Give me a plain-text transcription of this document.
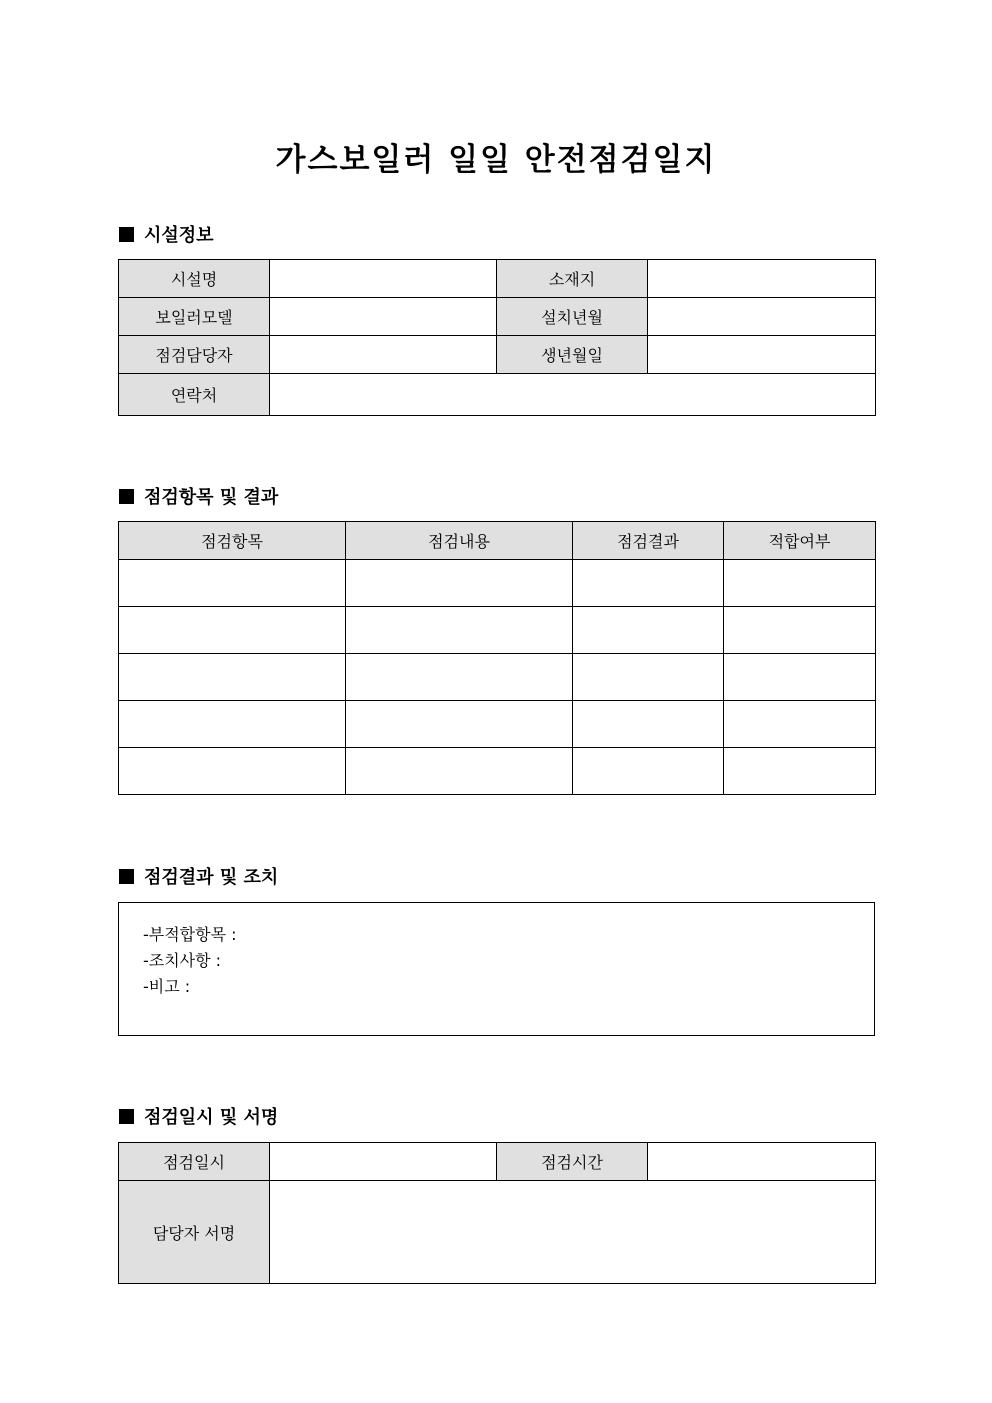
가스보일러 일일 안전점검일지
시설정보
시설명		소재지	
보일러모델		설치년월	
점검담당자		생년월일	
연락처			
점검항목 및 결과
점검항목	점검내용	점검결과	적합여부

점검결과 및 조치
-부적합항목 :
-조치사항 :
-비고 :
점검일시 및 서명
점검일시		점검시간	
담당자 서명			
